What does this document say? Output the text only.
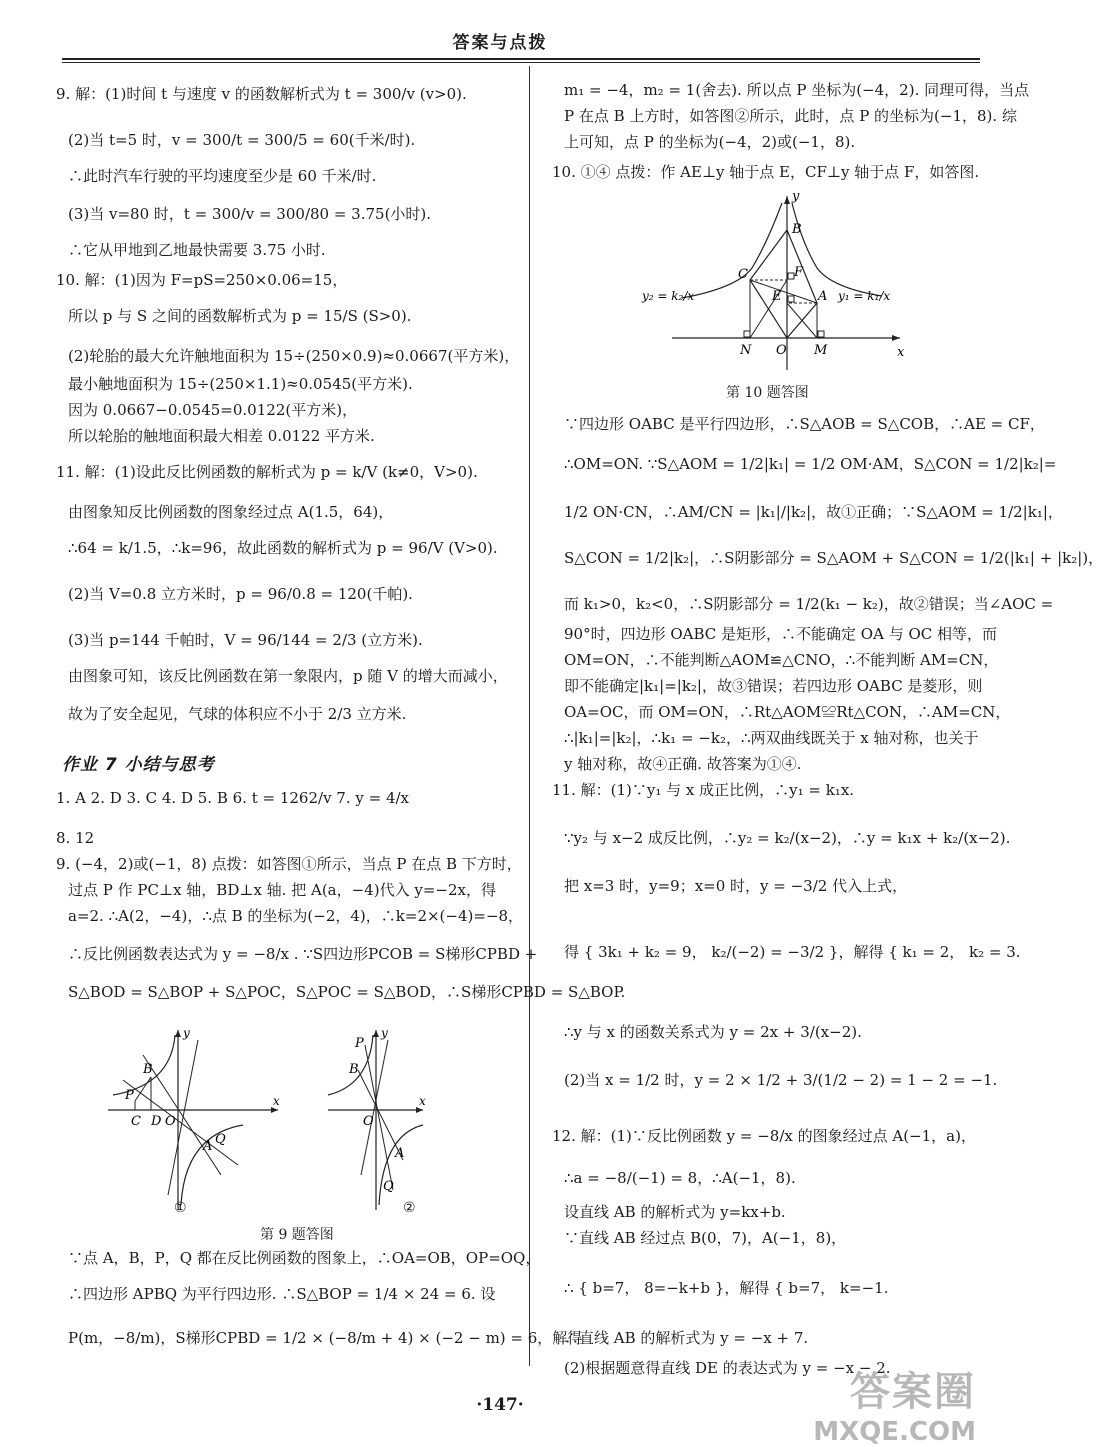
答案与点拨
9. 解：(1)时间 t 与速度 v 的函数解析式为 t = 300/v (v>0).
(2)当 t=5 时，v = 300/t = 300/5 = 60(千米/时).
∴此时汽车行驶的平均速度至少是 60 千米/时.
(3)当 v=80 时，t = 300/v = 300/80 = 3.75(小时).
∴它从甲地到乙地最快需要 3.75 小时.
10. 解：(1)因为 F=pS=250×0.06=15，
所以 p 与 S 之间的函数解析式为 p = 15/S (S>0).
(2)轮胎的最大允许触地面积为 15÷(250×0.9)≈0.0667(平方米)，
最小触地面积为 15÷(250×1.1)≈0.0545(平方米).
因为 0.0667−0.0545=0.0122(平方米)，
所以轮胎的触地面积最大相差 0.0122 平方米.
11. 解：(1)设此反比例函数的解析式为 p = k/V (k≠0，V>0).
由图象知反比例函数的图象经过点 A(1.5，64)，
∴64 = k/1.5，∴k=96，故此函数的解析式为 p = 96/V (V>0).
(2)当 V=0.8 立方米时，p = 96/0.8 = 120(千帕).
(3)当 p=144 千帕时，V = 96/144 = 2/3 (立方米).
由图象可知，该反比例函数在第一象限内，p 随 V 的增大而减小，
故为了安全起见，气球的体积应不小于 2/3 立方米.
作业 7 小结与思考
1. A 2. D 3. C 4. D 5. B 6. t = 1262/v 7. y = 4/x
8. 12
9. (−4，2)或(−1，8) 点拨：如答图①所示，当点 P 在点 B 下方时，
过点 P 作 PC⊥x 轴，BD⊥x 轴. 把 A(a，−4)代入 y=−2x，得
a=2. ∴A(2，−4)，∴点 B 的坐标为(−2，4)，∴k=2×(−4)=−8，
∴反比例函数表达式为 y = −8/x . ∵S四边形PCOB = S梯形CPBD +
S△BOD = S△BOP + S△POC，S△POC = S△BOD，∴S梯形CPBD = S△BOP.
B
P
C D O
A Q
x
y
P
B
O
A
Q
x
y
①	②
第 9 题答图
∵点 A，B，P，Q 都在反比例函数的图象上，∴OA=OB，OP=OQ，
∴四边形 APBQ 为平行四边形. ∴S△BOP = 1/4 × 24 = 6. 设
P(m，−8/m)，S梯形CPBD = 1/2 × (−8/m + 4) × (−2 − m) = 6，解得
m₁ = −4，m₂ = 1(舍去). 所以点 P 坐标为(−4，2). 同理可得，当点
P 在点 B 上方时，如答图②所示，此时，点 P 的坐标为(−1，8). 综
上可知，点 P 的坐标为(−4，2)或(−1，8).
10. ①④ 点拨：作 AE⊥y 轴于点 E，CF⊥y 轴于点 F，如答图.
y
x
B
C	F
E	A
N O M
y₂ = k₂/x	y₁ = k₁/x
第 10 题答图
∵四边形 OABC 是平行四边形，∴S△AOB = S△COB，∴AE = CF，
∴OM=ON. ∵S△AOM = 1/2|k₁| = 1/2 OM·AM，S△CON = 1/2|k₂|=
1/2 ON·CN，∴AM/CN = |k₁|/|k₂|，故①正确；∵S△AOM = 1/2|k₁|，
S△CON = 1/2|k₂|，∴S阴影部分 = S△AOM + S△CON = 1/2(|k₁| + |k₂|)，
而 k₁>0，k₂<0，∴S阴影部分 = 1/2(k₁ − k₂)，故②错误；当∠AOC =
90°时，四边形 OABC 是矩形，∴不能确定 OA 与 OC 相等，而
OM=ON，∴不能判断△AOM≌△CNO，∴不能判断 AM=CN，
即不能确定|k₁|=|k₂|，故③错误；若四边形 OABC 是菱形，则
OA=OC，而 OM=ON，∴Rt△AOM≌Rt△CON，∴AM=CN，
∴|k₁|=|k₂|，∴k₁ = −k₂，∴两双曲线既关于 x 轴对称，也关于
y 轴对称，故④正确. 故答案为①④.
11. 解：(1)∵y₁ 与 x 成正比例，∴y₁ = k₁x.
∵y₂ 与 x−2 成反比例，∴y₂ = k₂/(x−2)，∴y = k₁x + k₂/(x−2).
把 x=3 时，y=9；x=0 时，y = −3/2 代入上式，
得 { 3k₁ + k₂ = 9， k₂/(−2) = −3/2 }，解得 { k₁ = 2， k₂ = 3.
∴y 与 x 的函数关系式为 y = 2x + 3/(x−2).
(2)当 x = 1/2 时，y = 2 × 1/2 + 3/(1/2 − 2) = 1 − 2 = −1.
12. 解：(1)∵反比例函数 y = −8/x 的图象经过点 A(−1，a)，
∴a = −8/(−1) = 8，∴A(−1，8).
设直线 AB 的解析式为 y=kx+b.
∵直线 AB 经过点 B(0，7)，A(−1，8)，
∴ { b=7， 8=−k+b }，解得 { b=7， k=−1.
∴直线 AB 的解析式为 y = −x + 7.
(2)根据题意得直线 DE 的表达式为 y = −x − 2.
·147·	答案圈
MXQE.COM
